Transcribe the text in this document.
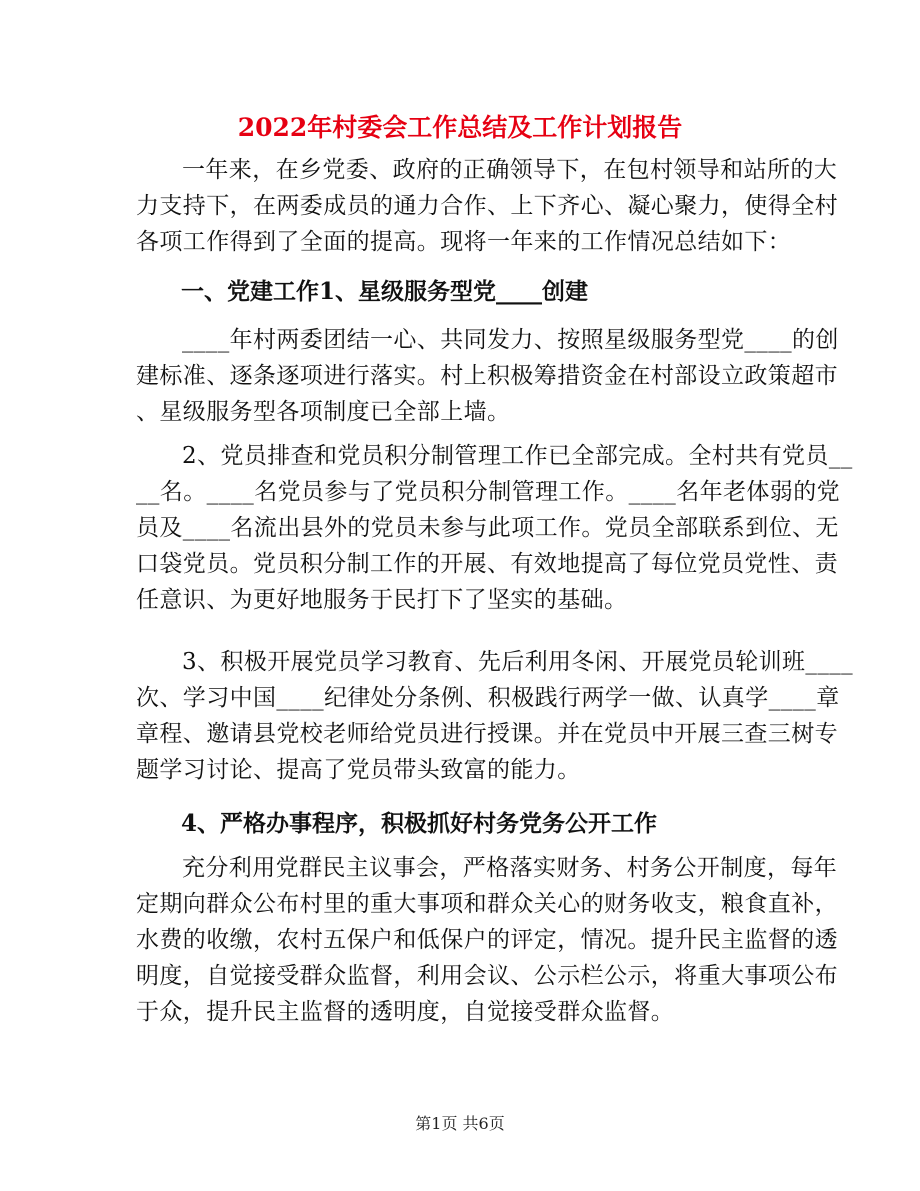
2022年村委会工作总结及工作计划报告
一年来，在乡党委、政府的正确领导下，在包村领导和站所的大
力支持下，在两委成员的通力合作、上下齐心、凝心聚力，使得全村
各项工作得到了全面的提高。现将一年来的工作情况总结如下：
一、党建工作1、星级服务型党____创建
____年村两委团结一心、共同发力、按照星级服务型党____的创
建标准、逐条逐项进行落实。村上积极筹措资金在村部设立政策超市
、星级服务型各项制度已全部上墙。
2、党员排查和党员积分制管理工作已全部完成。全村共有党员__
__名。____名党员参与了党员积分制管理工作。____名年老体弱的党
员及____名流出县外的党员未参与此项工作。党员全部联系到位、无
口袋党员。党员积分制工作的开展、有效地提高了每位党员党性、责
任意识、为更好地服务于民打下了坚实的基础。
3、积极开展党员学习教育、先后利用冬闲、开展党员轮训班____
次、学习中国____纪律处分条例、积极践行两学一做、认真学____章
章程、邀请县党校老师给党员进行授课。并在党员中开展三查三树专
题学习讨论、提高了党员带头致富的能力。
4、严格办事程序，积极抓好村务党务公开工作
充分利用党群民主议事会，严格落实财务、村务公开制度，每年
定期向群众公布村里的重大事项和群众关心的财务收支，粮食直补，
水费的收缴，农村五保户和低保户的评定，情况。提升民主监督的透
明度，自觉接受群众监督，利用会议、公示栏公示，将重大事项公布
于众，提升民主监督的透明度，自觉接受群众监督。
第1页 共6页
